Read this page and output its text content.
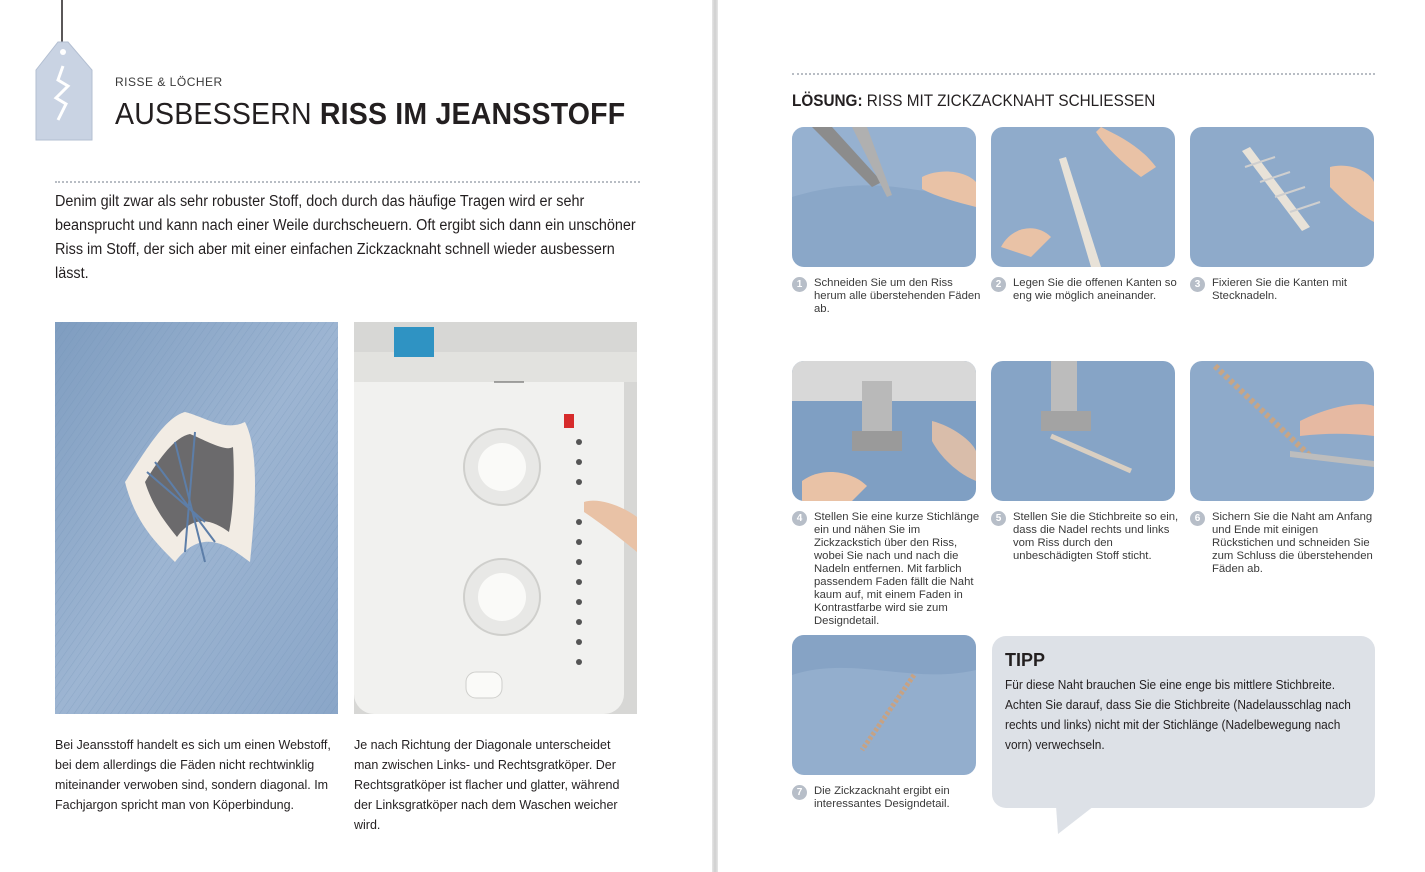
RISSE & LÖCHER
AUSBESSERN RISS IM JEANSSTOFF
Denim gilt zwar als sehr robuster Stoff, doch durch das häufige Tragen wird er sehr beansprucht und kann nach einer Weile durchscheuern. Oft ergibt sich dann ein unschöner Riss im Stoff, der sich aber mit einer einfachen Zickzacknaht schnell wieder ausbessern lässt.
Bei Jeansstoff handelt es sich um einen Webstoff, bei dem allerdings die Fäden nicht rechtwinklig miteinander verwoben sind, sondern diagonal. Im Fachjargon spricht man von Köperbindung.
Je nach Richtung der Diagonale unterscheidet man zwischen Links- und Rechtsgratköper. Der Rechtsgratköper ist flacher und glatter, während der Linksgratköper nach dem Waschen weicher wird.
LÖSUNG: RISS MIT ZICKZACKNAHT SCHLIESSEN
1	Schneiden Sie um den Riss herum alle überstehenden Fäden ab.
2	Legen Sie die offenen Kanten so eng wie möglich aneinander.
3	Fixieren Sie die Kanten mit Stecknadeln.
4	Stellen Sie eine kurze Stichlänge ein und nähen Sie im Zickzackstich über den Riss, wobei Sie nach und nach die Nadeln entfernen. Mit farblich passendem Faden fällt die Naht kaum auf, mit einem Faden in Kontrastfarbe wird sie zum Designdetail.
5	Stellen Sie die Stichbreite so ein, dass die Nadel rechts und links vom Riss durch den unbeschädigten Stoff sticht.
6	Sichern Sie die Naht am Anfang und Ende mit einigen Rückstichen und schneiden Sie zum Schluss die überstehenden Fäden ab.
7	Die Zickzacknaht ergibt ein interessantes Designdetail.
TIPP
Für diese Naht brauchen Sie eine enge bis mittlere Stichbreite. Achten Sie darauf, dass Sie die Stichbreite (Nadelausschlag nach rechts und links) nicht mit der Stichlänge (Nadelbewegung nach vorn) verwechseln.
